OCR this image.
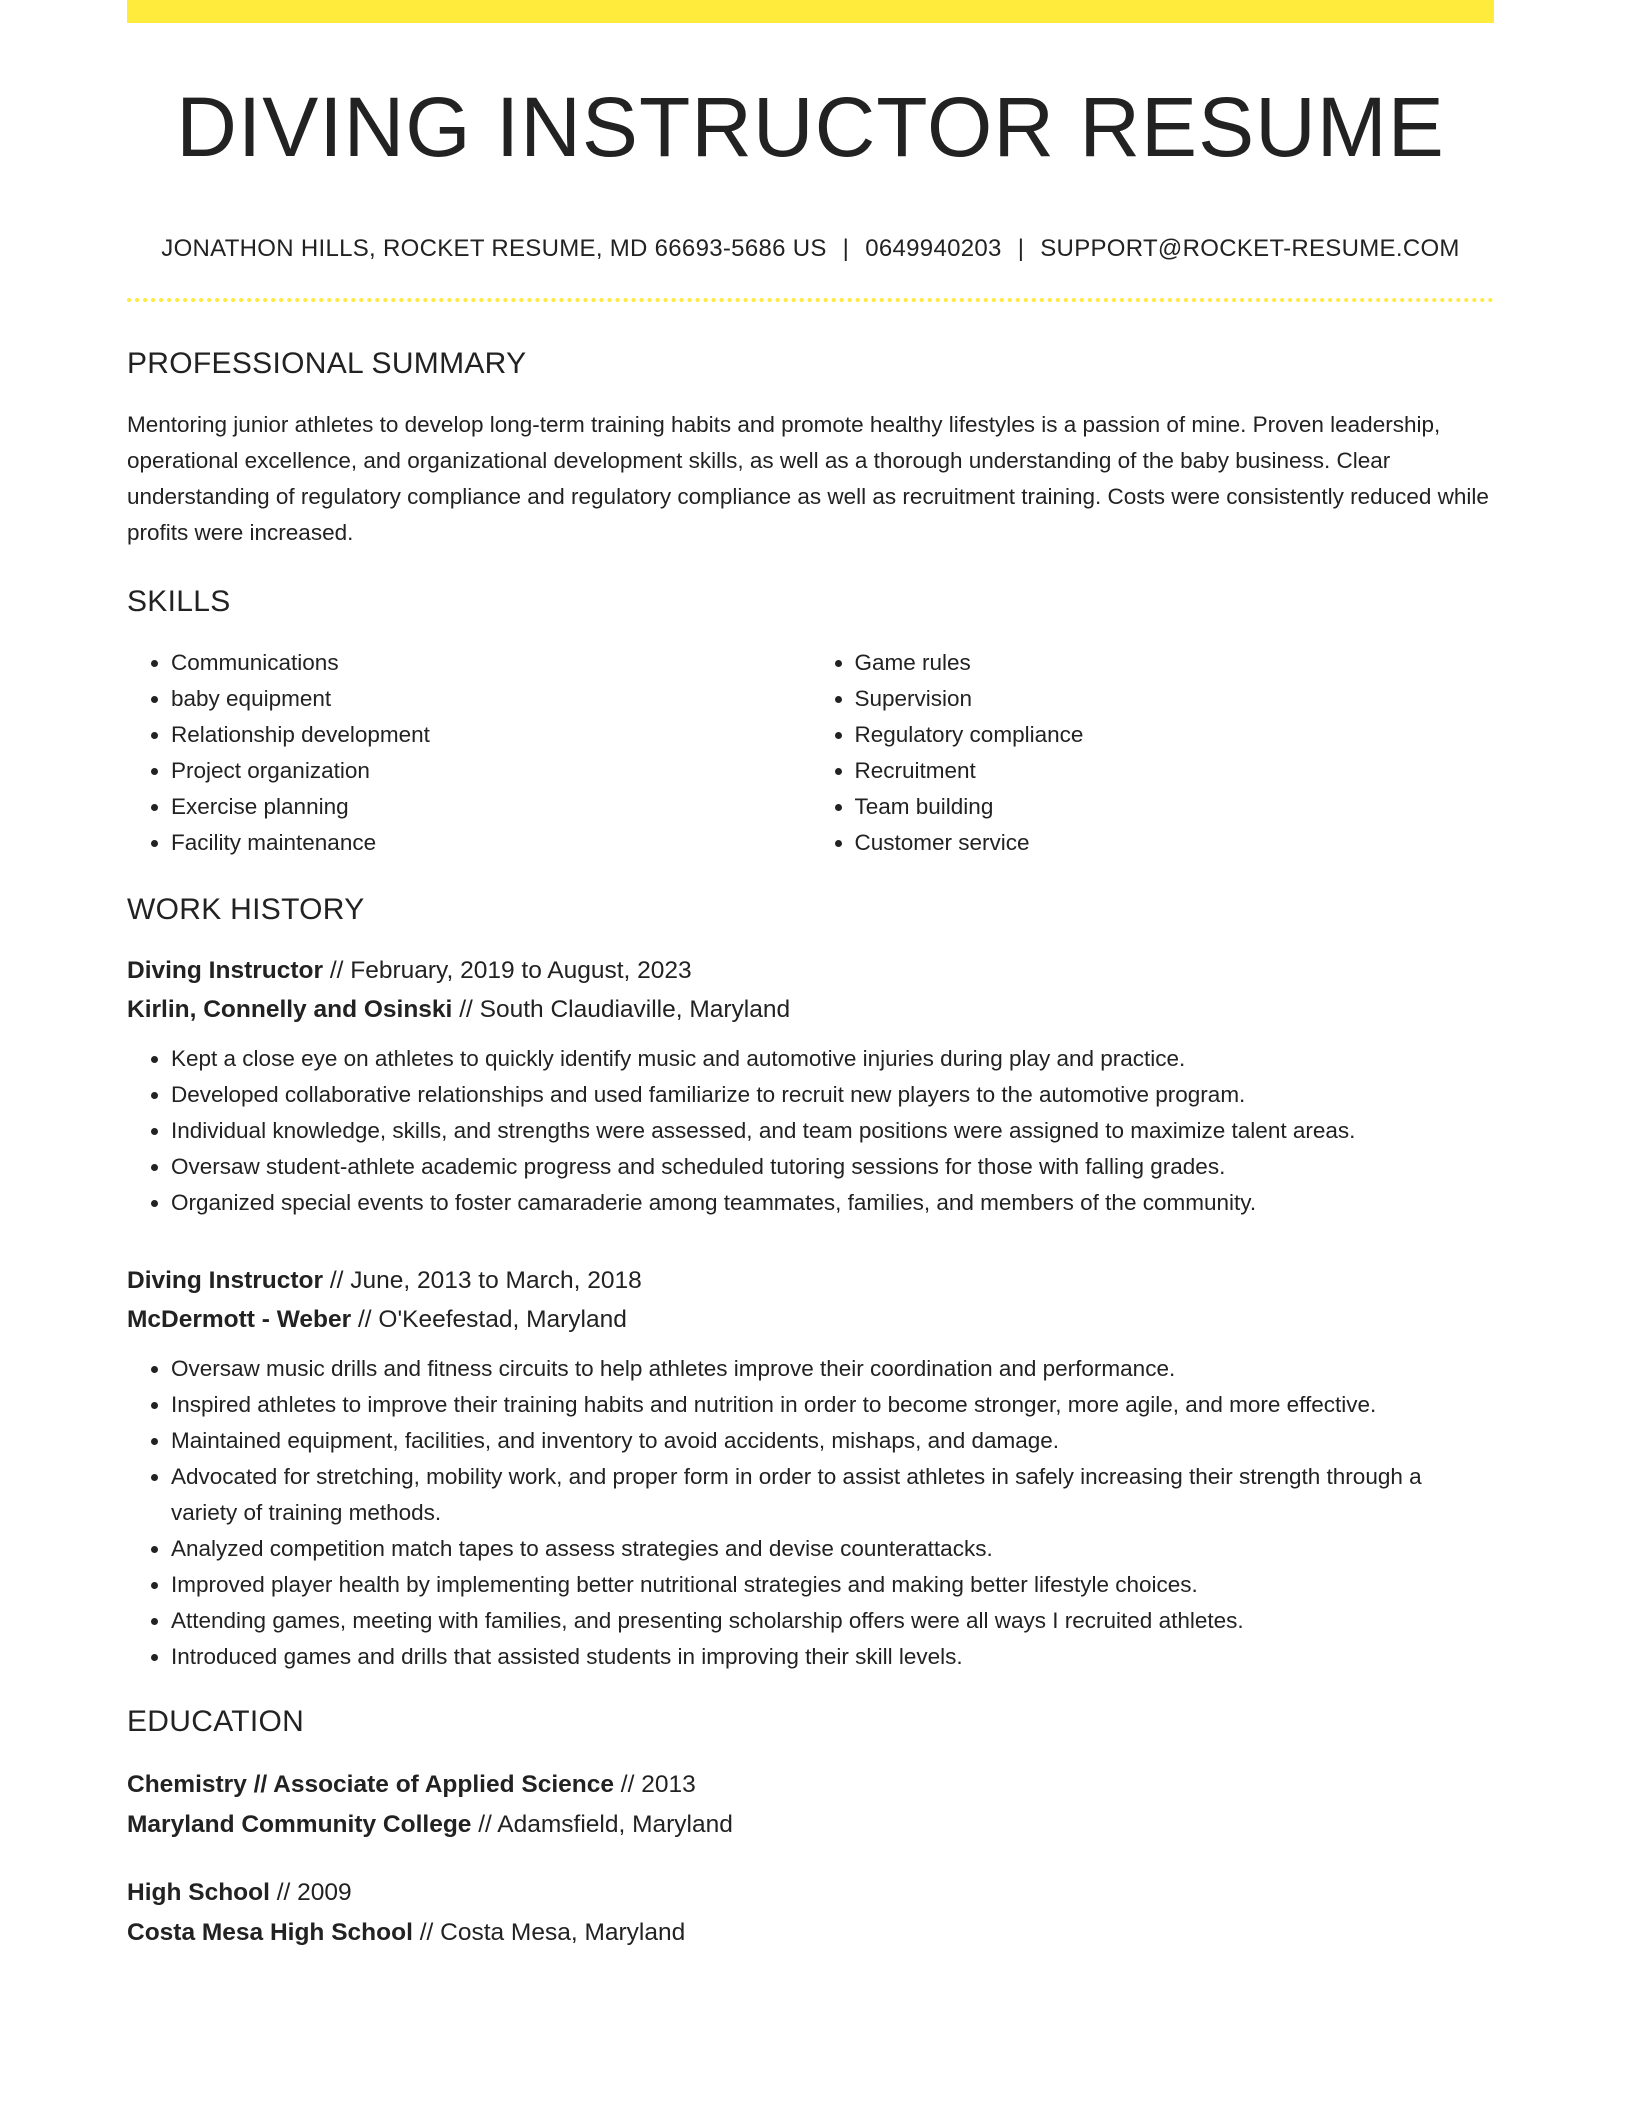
DIVING INSTRUCTOR RESUME
JONATHON HILLS, ROCKET RESUME, MD 66693-5686 US | 0649940203 | SUPPORT@ROCKET-RESUME.COM
PROFESSIONAL SUMMARY
Mentoring junior athletes to develop long-term training habits and promote healthy lifestyles is a passion of mine. Proven leadership, operational excellence, and organizational development skills, as well as a thorough understanding of the baby business. Clear understanding of regulatory compliance and regulatory compliance as well as recruitment training. Costs were consistently reduced while profits were increased.
SKILLS
• Communications
• baby equipment
• Relationship development
• Project organization
• Exercise planning
• Facility maintenance
• Game rules
• Supervision
• Regulatory compliance
• Recruitment
• Team building
• Customer service
WORK HISTORY
Diving Instructor // February, 2019 to August, 2023
Kirlin, Connelly and Osinski // South Claudiaville, Maryland
• Kept a close eye on athletes to quickly identify music and automotive injuries during play and practice.
• Developed collaborative relationships and used familiarize to recruit new players to the automotive program.
• Individual knowledge, skills, and strengths were assessed, and team positions were assigned to maximize talent areas.
• Oversaw student-athlete academic progress and scheduled tutoring sessions for those with falling grades.
• Organized special events to foster camaraderie among teammates, families, and members of the community.
Diving Instructor // June, 2013 to March, 2018
McDermott - Weber // O'Keefestad, Maryland
• Oversaw music drills and fitness circuits to help athletes improve their coordination and performance.
• Inspired athletes to improve their training habits and nutrition in order to become stronger, more agile, and more effective.
• Maintained equipment, facilities, and inventory to avoid accidents, mishaps, and damage.
• Advocated for stretching, mobility work, and proper form in order to assist athletes in safely increasing their strength through a variety of training methods.
• Analyzed competition match tapes to assess strategies and devise counterattacks.
• Improved player health by implementing better nutritional strategies and making better lifestyle choices.
• Attending games, meeting with families, and presenting scholarship offers were all ways I recruited athletes.
• Introduced games and drills that assisted students in improving their skill levels.
EDUCATION
Chemistry // Associate of Applied Science // 2013
Maryland Community College // Adamsfield, Maryland
High School // 2009
Costa Mesa High School // Costa Mesa, Maryland
